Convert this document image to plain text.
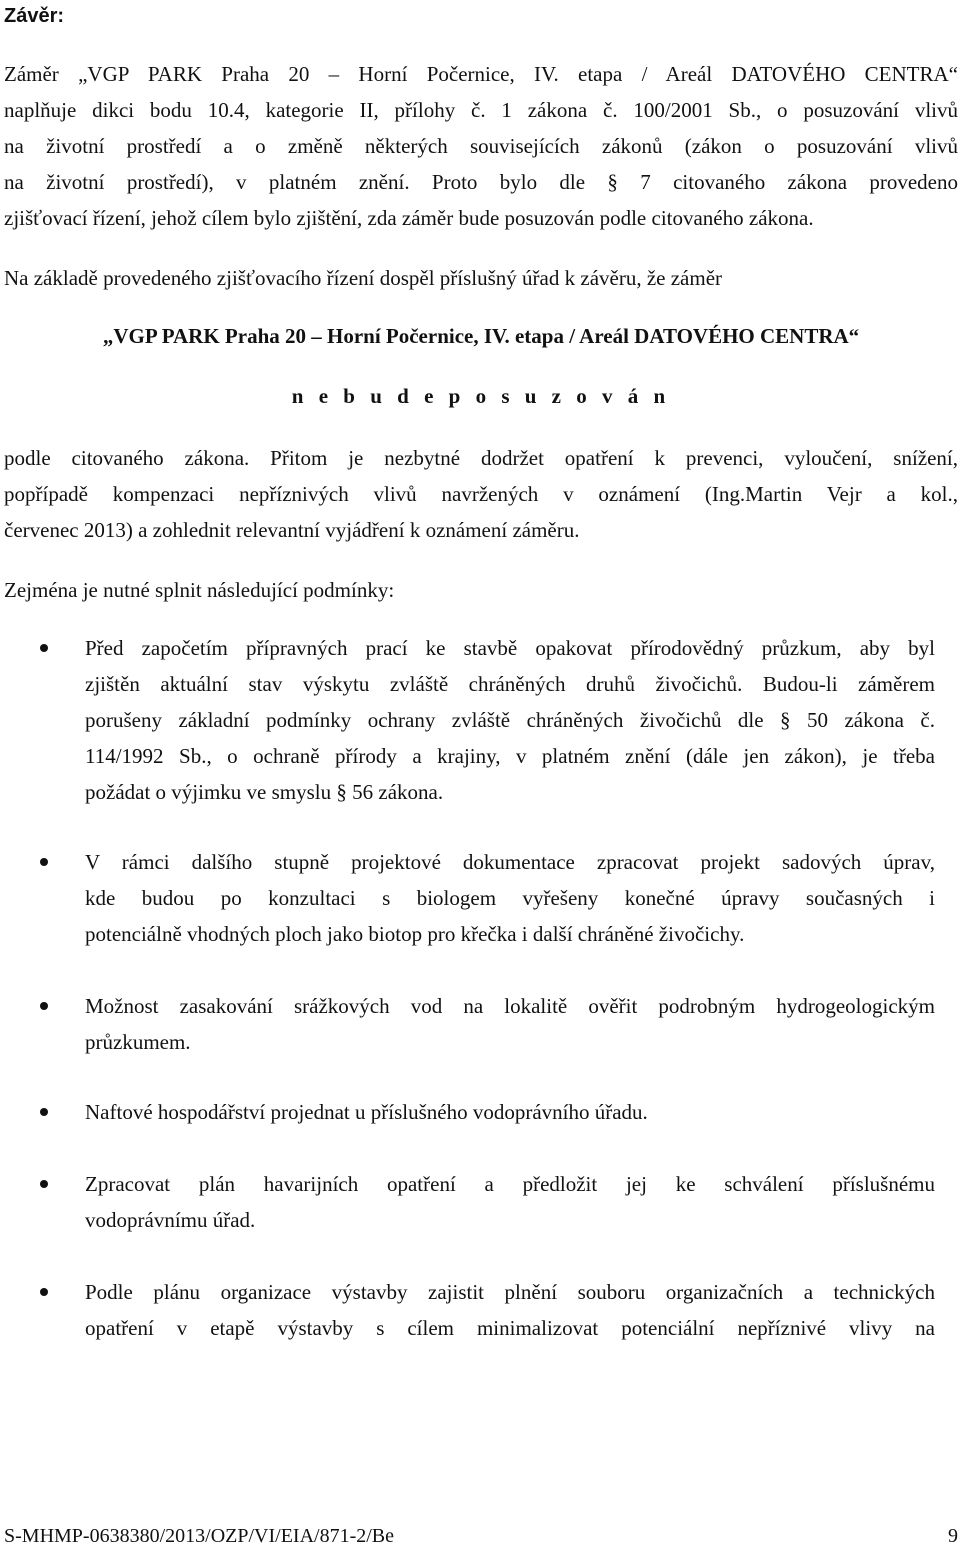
Závěr:
Záměr „VGP PARK Praha 20 – Horní Počernice, IV. etapa / Areál DATOVÉHO CENTRA“
naplňuje dikci bodu 10.4, kategorie II, přílohy č. 1 zákona č. 100/2001 Sb., o posuzování vlivů
na životní prostředí a o změně některých souvisejících zákonů (zákon o posuzování vlivů
na životní prostředí), v platném znění. Proto bylo dle § 7 citovaného zákona provedeno
zjišťovací řízení, jehož cílem bylo zjištění, zda záměr bude posuzován podle citovaného zákona.
Na základě provedeného zjišťovacího řízení dospěl příslušný úřad k závěru, že záměr
„VGP PARK Praha 20 – Horní Počernice, IV. etapa / Areál DATOVÉHO CENTRA“
n e b u d e p o s u z o v á n
podle citovaného zákona. Přitom je nezbytné dodržet opatření k prevenci, vyloučení, snížení,
popřípadě kompenzaci nepříznivých vlivů navržených v oznámení (Ing.Martin Vejr a kol.,
červenec 2013) a zohlednit relevantní vyjádření k oznámení záměru.
Zejména je nutné splnit následující podmínky:
Před započetím přípravných prací ke stavbě opakovat přírodovědný průzkum, aby byl
zjištěn aktuální stav výskytu zvláště chráněných druhů živočichů. Budou-li záměrem
porušeny základní podmínky ochrany zvláště chráněných živočichů dle § 50 zákona č.
114/1992 Sb., o ochraně přírody a krajiny, v platném znění (dále jen zákon), je třeba
požádat o výjimku ve smyslu § 56 zákona.
V rámci dalšího stupně projektové dokumentace zpracovat projekt sadových úprav,
kde budou po konzultaci s biologem vyřešeny konečné úpravy současných i
potenciálně vhodných ploch jako biotop pro křečka i další chráněné živočichy.
Možnost zasakování srážkových vod na lokalitě ověřit podrobným hydrogeologickým
průzkumem.
Naftové hospodářství projednat u příslušného vodoprávního úřadu.
Zpracovat plán havarijních opatření a předložit jej ke schválení příslušnému
vodoprávnímu úřad.
Podle plánu organizace výstavby zajistit plnění souboru organizačních a technických
opatření v etapě výstavby s cílem minimalizovat potenciální nepříznivé vlivy na
S-MHMP-0638380/2013/OZP/VI/EIA/871-2/Be	9
